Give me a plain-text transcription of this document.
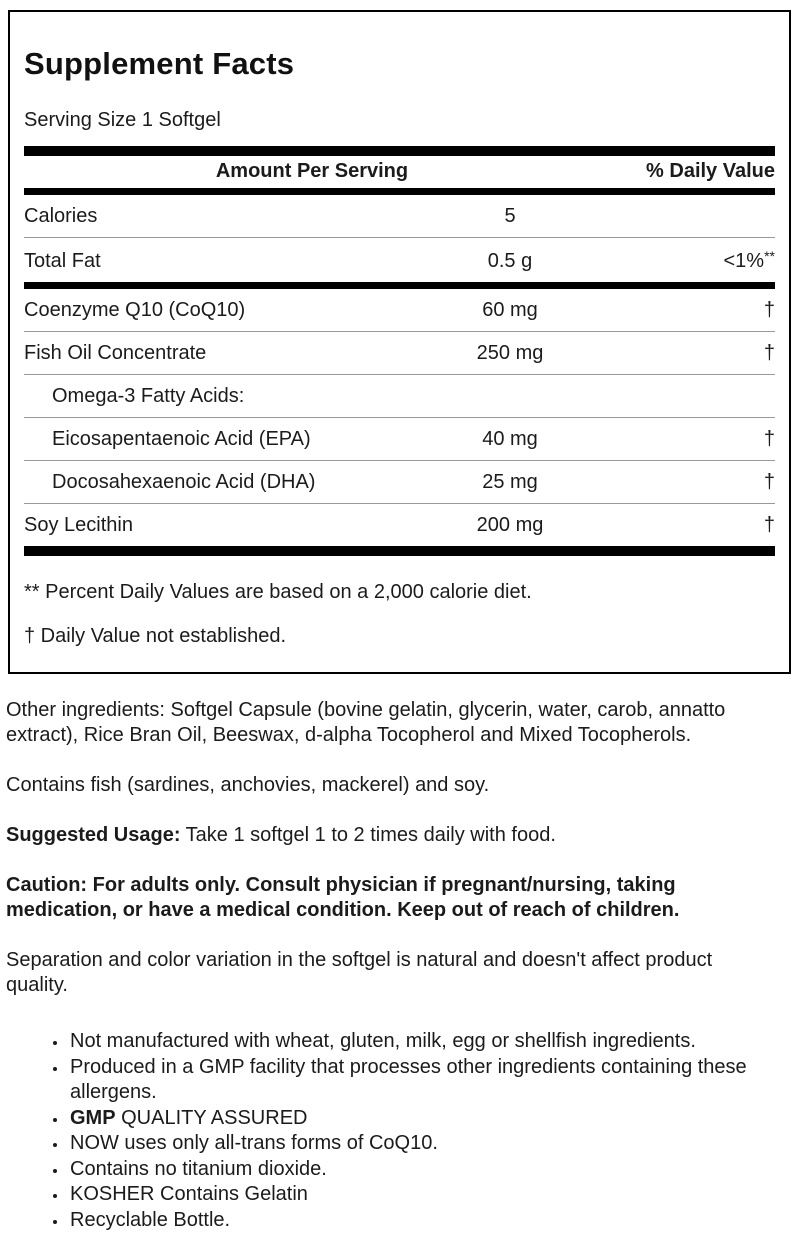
Supplement Facts
Serving Size 1 Softgel
Amount Per Serving	% Daily Value
Calories	5
Total Fat	0.5 g	<1%**
Coenzyme Q10 (CoQ10)	60 mg	†
Fish Oil Concentrate	250 mg	†
Omega-3 Fatty Acids:
Eicosapentaenoic Acid (EPA)	40 mg	†
Docosahexaenoic Acid (DHA)	25 mg	†
Soy Lecithin	200 mg	†

** Percent Daily Values are based on a 2,000 calorie diet.

† Daily Value not established.

Other ingredients: Softgel Capsule (bovine gelatin, glycerin, water, carob, annatto extract), Rice Bran Oil, Beeswax, d-alpha Tocopherol and Mixed Tocopherols.

Contains fish (sardines, anchovies, mackerel) and soy.

Suggested Usage: Take 1 softgel 1 to 2 times daily with food.

Caution: For adults only. Consult physician if pregnant/nursing, taking medication, or have a medical condition. Keep out of reach of children.

Separation and color variation in the softgel is natural and doesn't affect product quality.

• Not manufactured with wheat, gluten, milk, egg or shellfish ingredients.
• Produced in a GMP facility that processes other ingredients containing these allergens.
• GMP QUALITY ASSURED
• NOW uses only all-trans forms of CoQ10.
• Contains no titanium dioxide.
• KOSHER Contains Gelatin
• Recyclable Bottle.
